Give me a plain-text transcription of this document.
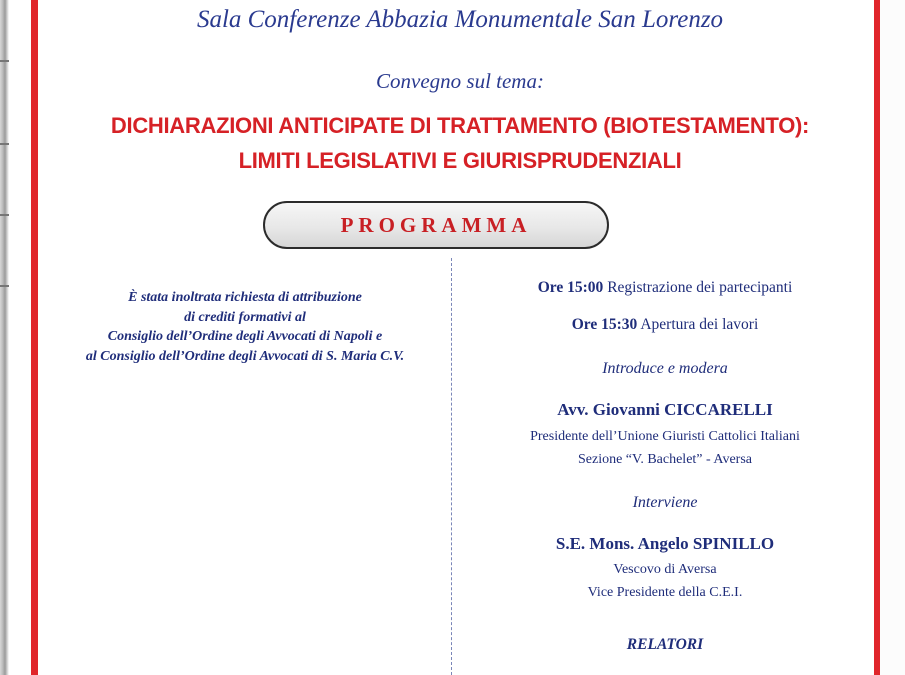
Sala Conferenze Abbazia Monumentale San Lorenzo
Convegno sul tema:
DICHIARAZIONI ANTICIPATE DI TRATTAMENTO (BIOTESTAMENTO):
LIMITI LEGISLATIVI E GIURISPRUDENZIALI
PROGRAMMA
È stata inoltrata richiesta di attribuzione
di crediti formativi al
Consiglio dell’Ordine degli Avvocati di Napoli e
al Consiglio dell’Ordine degli Avvocati di S. Maria C.V.
Ore 15:00 Registrazione dei partecipanti
Ore 15:30 Apertura dei lavori
Introduce e modera
Avv. Giovanni CICCARELLI
Presidente dell’Unione Giuristi Cattolici Italiani
Sezione “V. Bachelet” - Aversa
Interviene
S.E. Mons. Angelo SPINILLO
Vescovo di Aversa
Vice Presidente della C.E.I.
RELATORI
